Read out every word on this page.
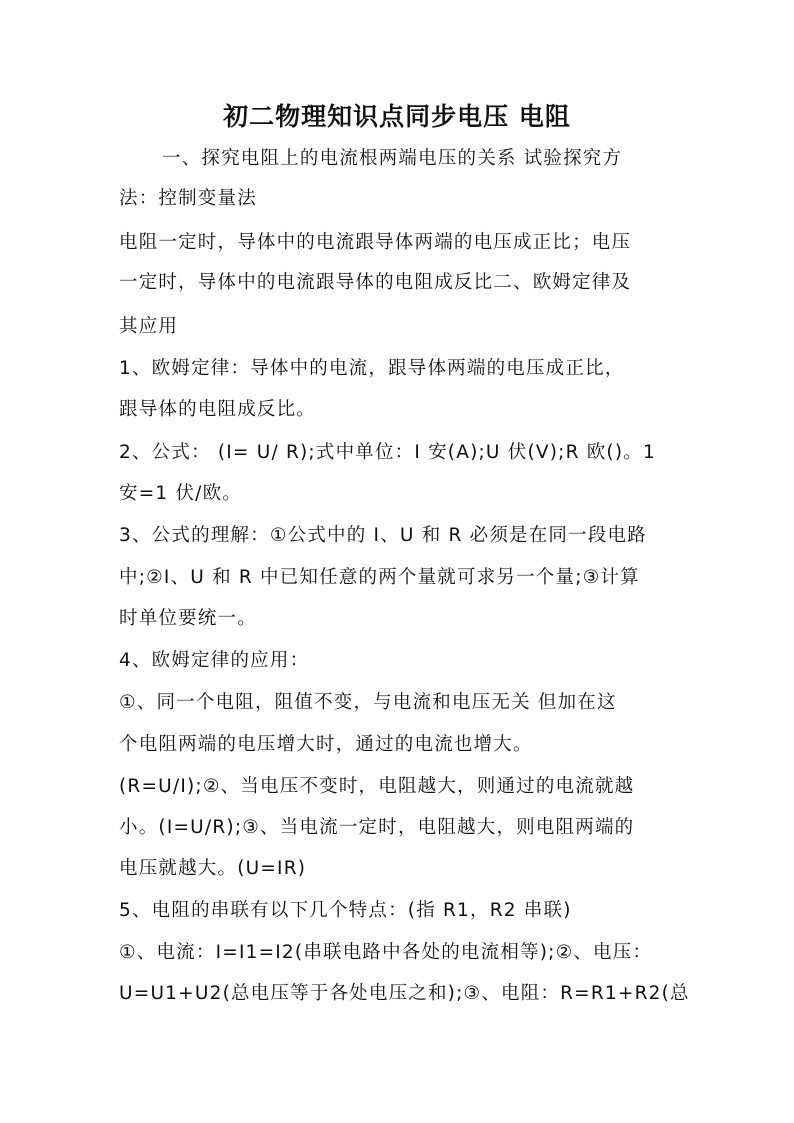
初二物理知识点同步电压 电阻
一、探究电阻上的电流根两端电压的关系 试验探究方
法：控制变量法
电阻一定时，导体中的电流跟导体两端的电压成正比；电压
一定时，导体中的电流跟导体的电阻成反比二、欧姆定律及
其应用
1、欧姆定律：导体中的电流，跟导体两端的电压成正比，
跟导体的电阻成反比。
2、公式： (I= U/ R);式中单位：I 安(A);U 伏(V);R 欧()。1
安=1 伏/欧。
3、公式的理解：①公式中的 I、U 和 R 必须是在同一段电路
中;②I、U 和 R 中已知任意的两个量就可求另一个量;③计算
时单位要统一。
4、欧姆定律的应用：
①、同一个电阻，阻值不变，与电流和电压无关 但加在这
个电阻两端的电压增大时，通过的电流也增大。
(R=U/I);②、当电压不变时，电阻越大，则通过的电流就越
小。(I=U/R);③、当电流一定时，电阻越大，则电阻两端的
电压就越大。(U=IR)
5、电阻的串联有以下几个特点：(指 R1，R2 串联)
①、电流：I=I1=I2(串联电路中各处的电流相等);②、电压：
U=U1+U2(总电压等于各处电压之和);③、电阻：R=R1+R2(总
